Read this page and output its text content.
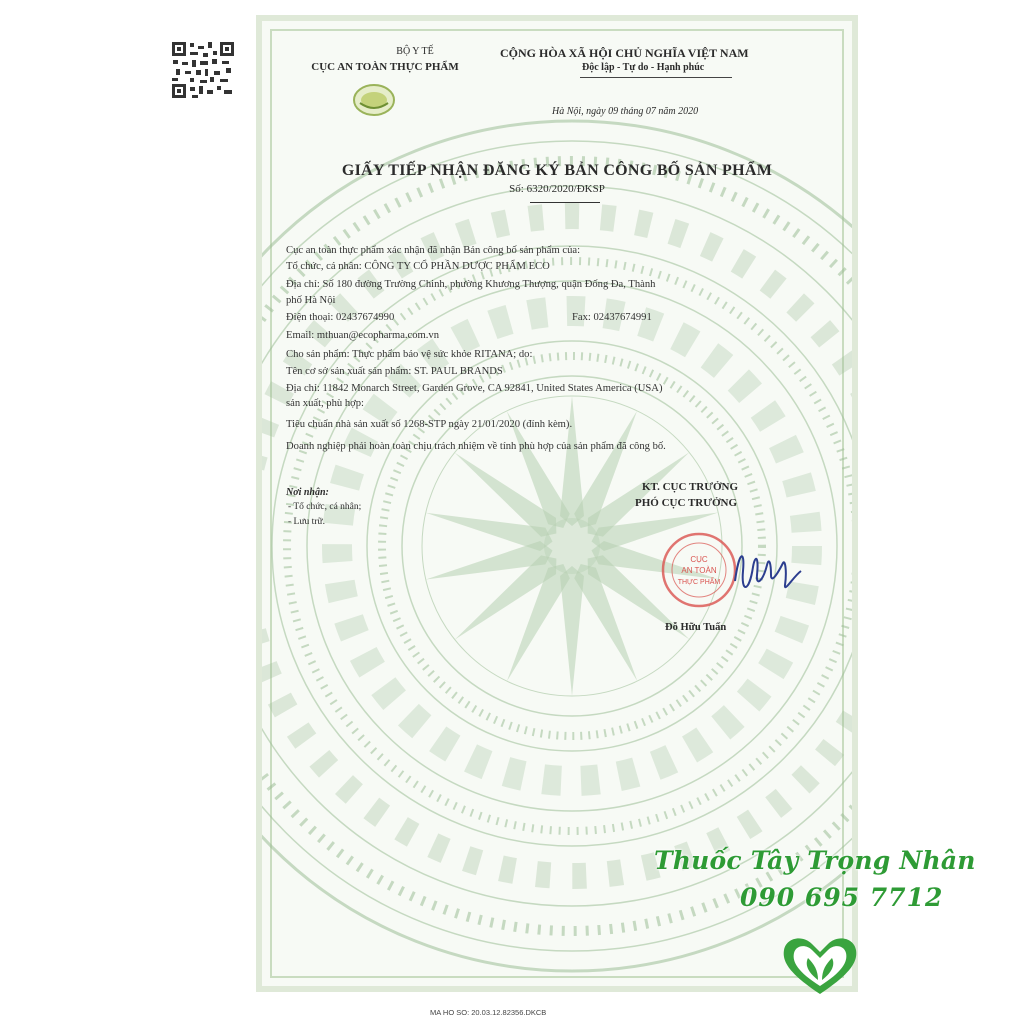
BỘ Y TẾ
CỤC AN TOÀN THỰC PHẨM
CỘNG HÒA XÃ HỘI CHỦ NGHĨA VIỆT NAM
Độc lập - Tự do - Hạnh phúc
Hà Nội, ngày 09 tháng 07 năm 2020
GIẤY TIẾP NHẬN ĐĂNG KÝ BẢN CÔNG BỐ SẢN PHẨM
Số: 6320/2020/ĐKSP
Cục an toàn thực phẩm xác nhận đã nhận Bản công bố sản phẩm của:
Tổ chức, cá nhân: CÔNG TY CỔ PHẦN DƯỢC PHẨM ECO
Địa chỉ: Số 180 đường Trường Chinh, phường Khương Thượng, quận Đống Đa, Thành
phố Hà Nội
Điện thoại: 02437674990	Fax: 02437674991
Email: mthuan@ecopharma.com.vn
Cho sản phẩm: Thực phẩm bảo vệ sức khỏe RITANA; do:
Tên cơ sở sản xuất sản phẩm: ST. PAUL BRANDS
Địa chỉ: 11842 Monarch Street, Garden Grove, CA 92841, United States America (USA)
sản xuất, phù hợp:
Tiêu chuẩn nhà sản xuất số 1268-STP ngày 21/01/2020 (đính kèm).
Doanh nghiệp phải hoàn toàn chịu trách nhiệm về tính phù hợp của sản phẩm đã công bố.
Nơi nhận:
- Tổ chức, cá nhân;
- Lưu trữ.
KT. CỤC TRƯỞNG
PHÓ CỤC TRƯỞNG
CỤC
AN TOÀN
THỰC PHẨM
Đỗ Hữu Tuấn
Thuốc Tây Trọng Nhân
090 695 7712
MA HO SO: 20.03.12.82356.DKCB
